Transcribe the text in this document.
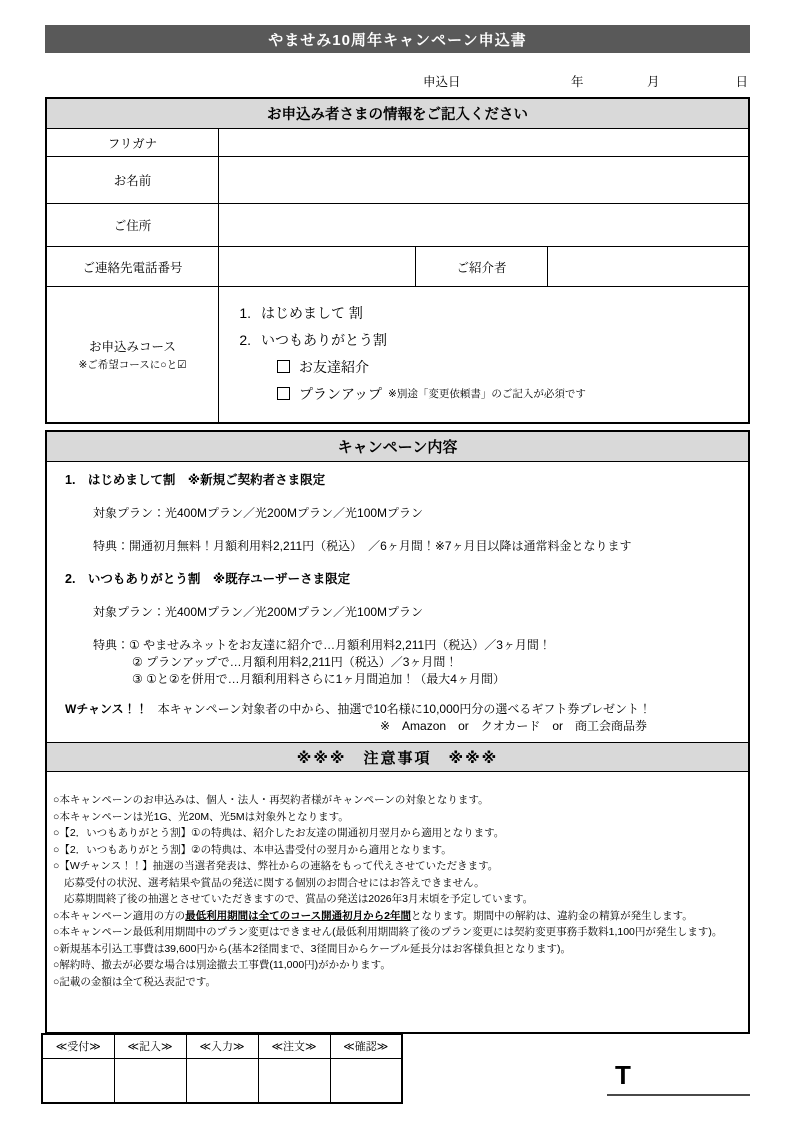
やませみ10周年キャンペーン申込書
申込日	年	月	日
お申込み者さまの情報をご記入ください
フリガナ
お名前
ご住所
ご連絡先電話番号	ご紹介者
お申込みコース
※ご希望コースに○と☑
1. はじめまして 割
2. いつもありがとう割
お友達紹介
プランアップ ※別途「変更依頼書」のご記入が必須です
キャンペーン内容
1.　はじめまして割　※新規ご契約者さま限定
対象プラン：光400Mプラン／光200Mプラン／光100Mプラン
特典：開通初月無料！月額利用料2,211円（税込）　／6ヶ月間！※7ヶ月目以降は通常料金となります
2.　いつもありがとう割　※既存ユーザーさま限定
対象プラン：光400Mプラン／光200Mプラン／光100Mプラン
特典：① やませみネットをお友達に紹介で…月額利用料2,211円（税込）／3ヶ月間！
② プランアップで…月額利用料2,211円（税込）／3ヶ月間！
③ ①と②を併用で…月額利用料さらに1ヶ月間追加！（最大4ヶ月間）
Wチャンス！！ 本キャンペーン対象者の中から、抽選で10名様に10,000円分の選べるギフト券プレゼント！
※　Amazon　or　クオカード　or　商工会商品券
※※※　注意事項　※※※
○本キャンペーンのお申込みは、個人・法人・再契約者様がキャンペーンの対象となります。
○本キャンペーンは光1G、光20M、光5Mは対象外となります。
○【2．いつもありがとう割】①の特典は、紹介したお友達の開通初月翌月から適用となります。
○【2．いつもありがとう割】②の特典は、本申込書受付の翌月から適用となります。
○【Wチャンス！！】抽選の当選者発表は、弊社からの連絡をもって代えさせていただきます。
応募受付の状況、選考結果や賞品の発送に関する個別のお問合せにはお答えできません。
応募期間終了後の抽選とさせていただきますので、賞品の発送は2026年3月末頃を予定しています。
○本キャンペーン適用の方の最低利用期間は全てのコース開通初月から2年間となります。期間中の解約は、違約金の精算が発生します。
○本キャンペーン最低利用期間中のプラン変更はできません(最低利用期間終了後のプラン変更には契約変更事務手数料1,100円が発生します)。
○新規基本引込工事費は39,600円から(基本2径間まで、3径間目からケーブル延長分はお客様負担となります)。
○解約時、撤去が必要な場合は別途撤去工事費(11,000円)がかかります。
○記載の金額は全て税込表記です。
≪受付≫	≪記入≫	≪入力≫	≪注文≫	≪確認≫

T
